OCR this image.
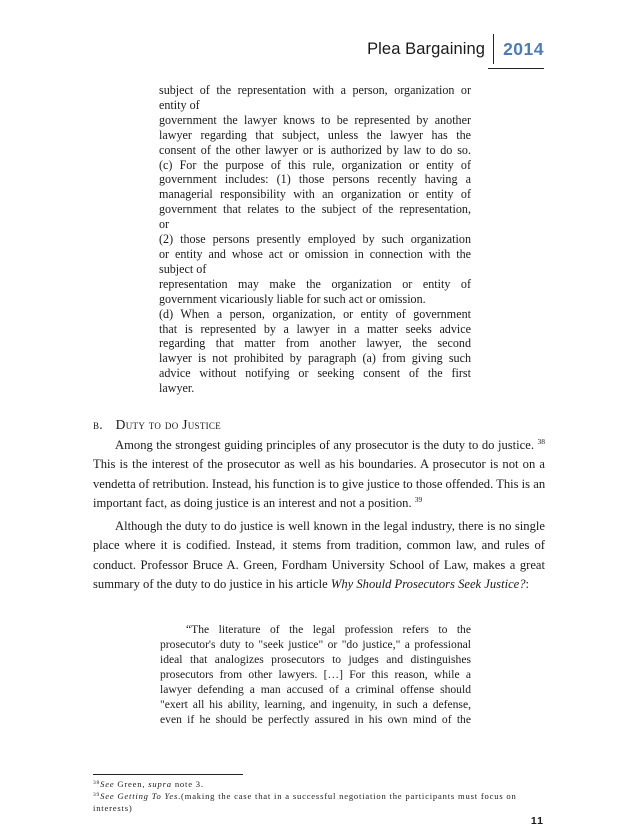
Plea Bargaining	2014
subject of the representation with a person, organization or
entity of
government the lawyer knows to be represented by another
lawyer regarding that subject, unless the lawyer has the
consent of the other lawyer or is authorized by law to do so.
(c) For the purpose of this rule, organization or entity of
government includes: (1) those persons recently having a
managerial responsibility with an organization or entity of
government that relates to the subject of the representation,
or
(2) those persons presently employed by such organization
or entity and whose act or omission in connection with the
subject of
representation may make the organization or entity of
government vicariously liable for such act or omission.
(d) When a person, organization, or entity of government
that is represented by a lawyer in a matter seeks advice
regarding that matter from another lawyer, the second
lawyer is not prohibited by paragraph (a) from giving such
advice without notifying or seeking consent of the first
lawyer.
b. Duty to do Justice
Among the strongest guiding principles of any prosecutor is the duty to do justice. $^{38}$
This is the interest of the prosecutor as well as his boundaries. A prosecutor is not on a
vendetta of retribution. Instead, his function is to give justice to those offended. This is an
important fact, as doing justice is an interest and not a position. $^{39}$
Although the duty to do justice is well known in the legal industry, there is no single
place where it is codified. Instead, it stems from tradition, common law, and rules of
conduct. Professor Bruce A. Green, Fordham University School of Law, makes a great
summary of the duty to do justice in his article Why Should Prosecutors Seek Justice?:
“The literature of the legal profession refers to the
prosecutor's duty to "seek justice" or "do justice," a professional
ideal that analogizes prosecutors to judges and distinguishes
prosecutors from other lawyers. […] For this reason, while a
lawyer defending a man accused of a criminal offense should
"exert all his ability, learning, and ingenuity, in such a defense,
even if he should be perfectly assured in his own mind of the
$^{38}$See Green, supra note 3.
$^{39}$See Getting To Yes.(making the case that in a successful negotiation the participants must focus on
interests)
11
